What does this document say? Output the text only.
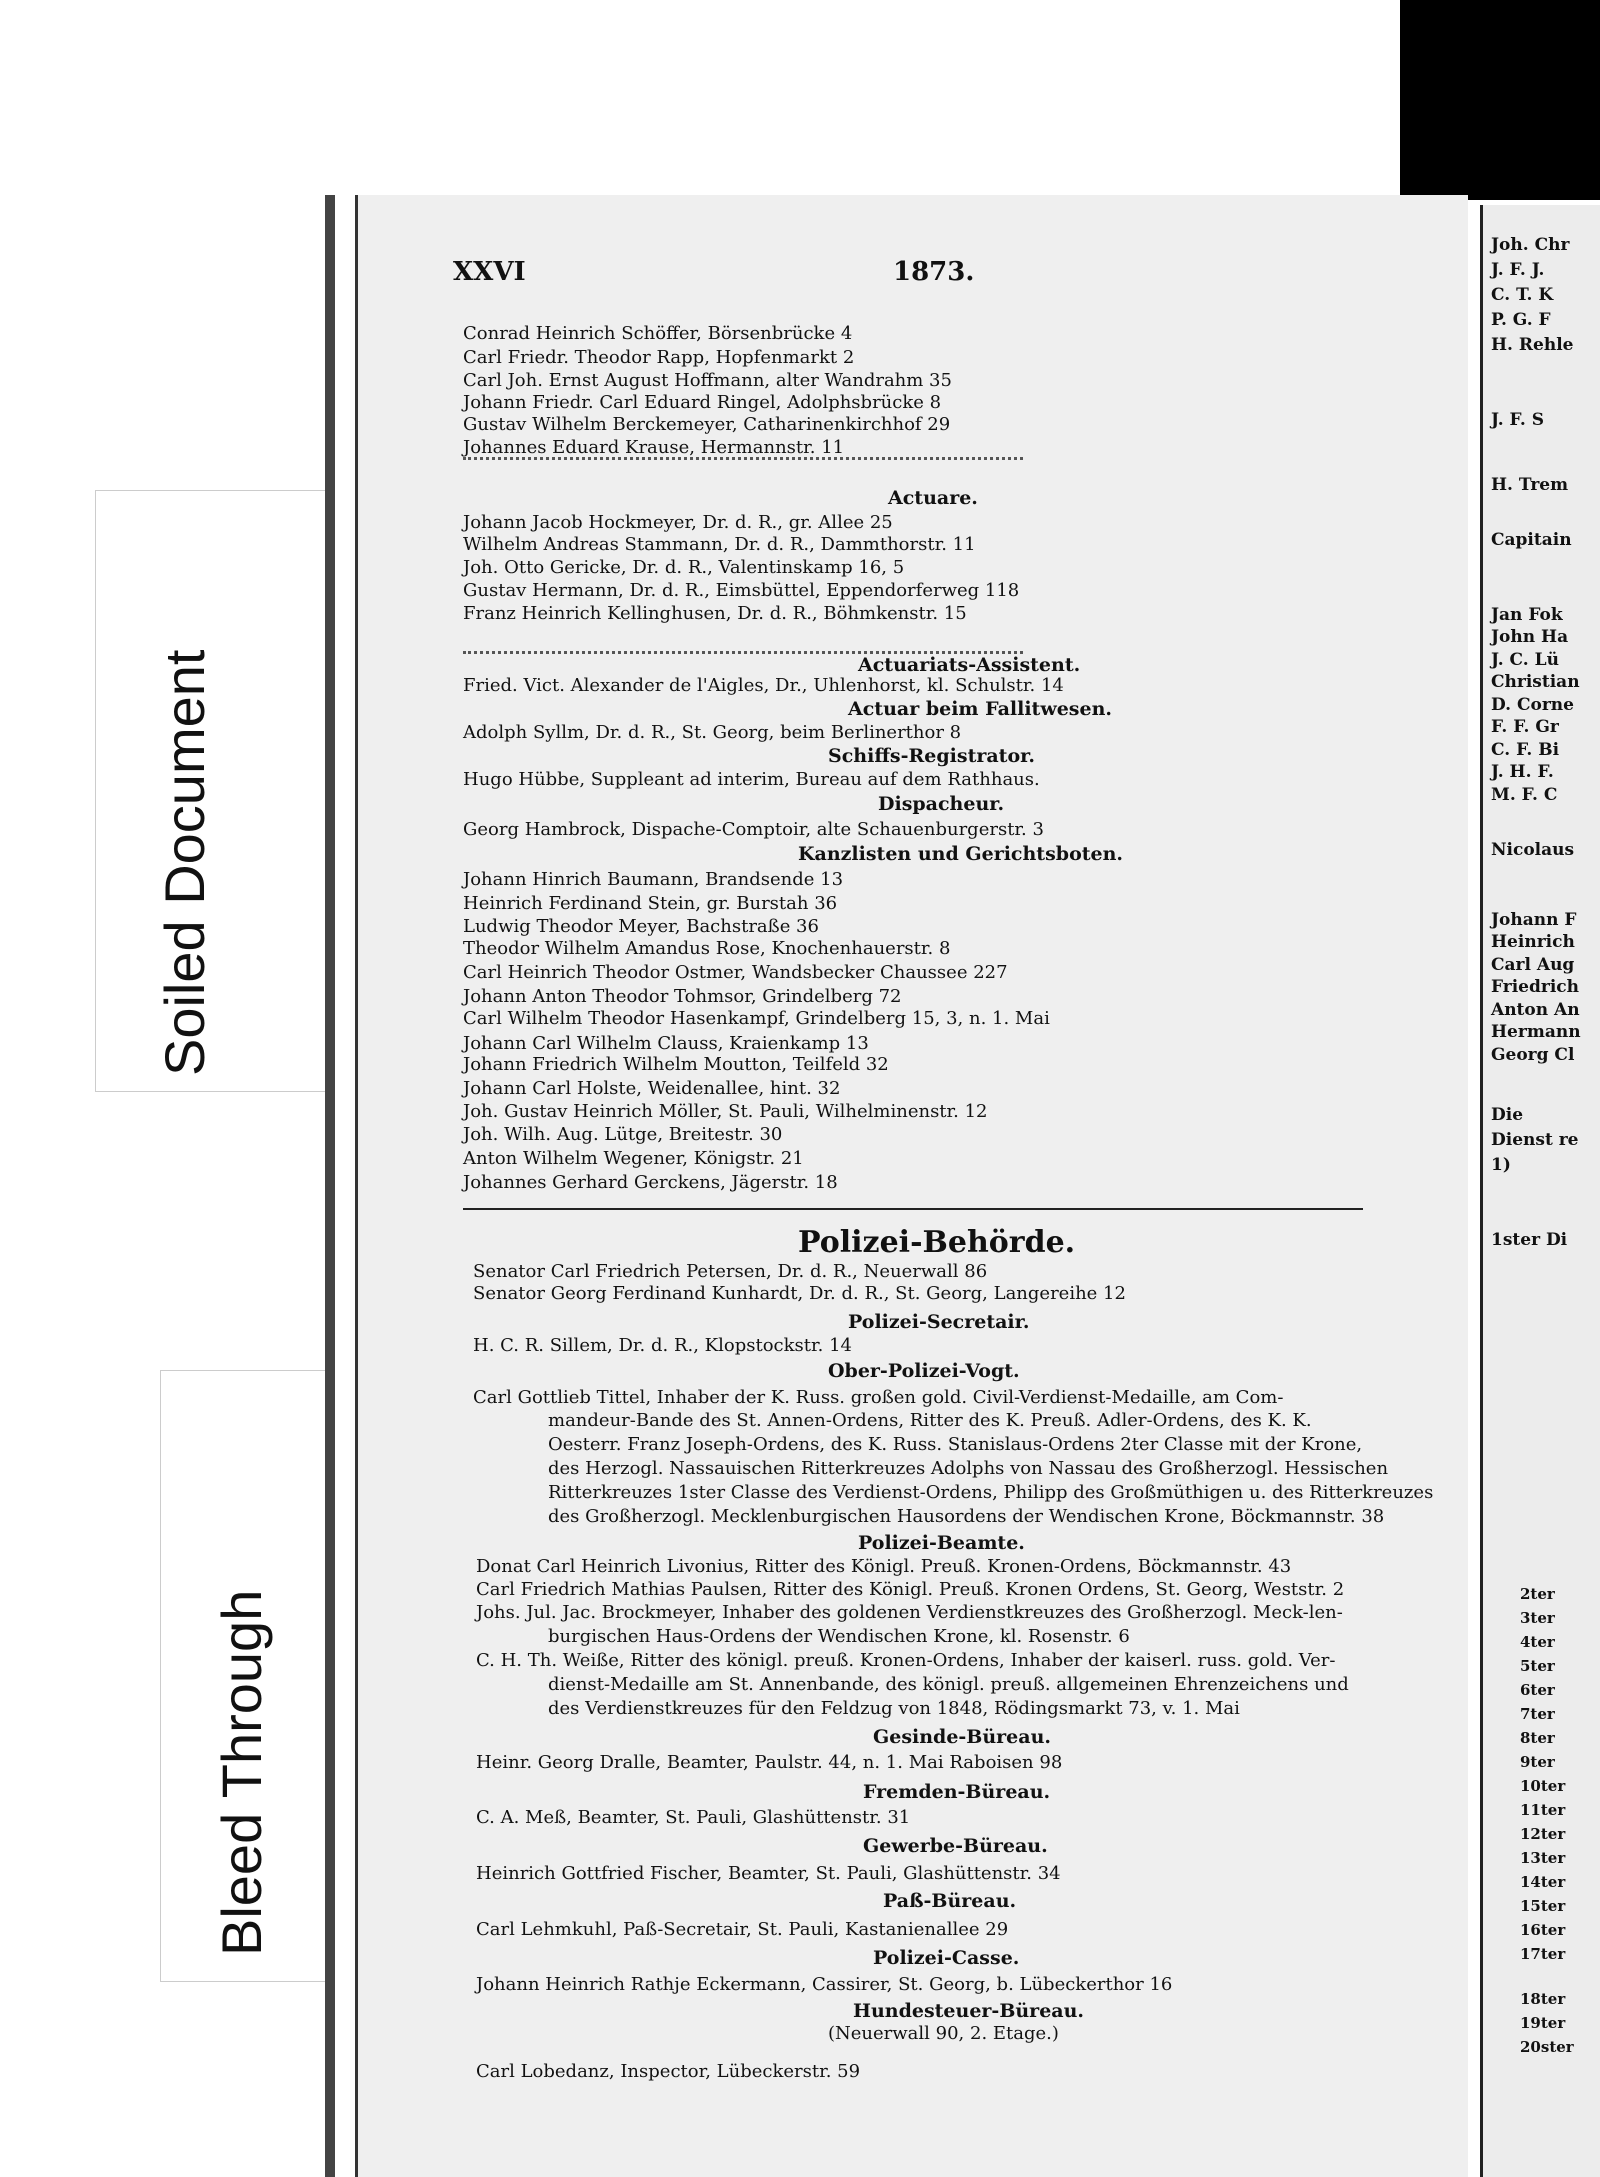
Soiled Document
Bleed Through
XXVI	1873.
Conrad Heinrich Schöffer, Börsenbrücke 4
Carl Friedr. Theodor Rapp, Hopfenmarkt 2
Carl Joh. Ernst August Hoffmann, alter Wandrahm 35
Johann Friedr. Carl Eduard Ringel, Adolphsbrücke 8
Gustav Wilhelm Berckemeyer, Catharinenkirchhof 29
Johannes Eduard Krause, Hermannstr. 11
Actuare.
Johann Jacob Hockmeyer, Dr. d. R., gr. Allee 25
Wilhelm Andreas Stammann, Dr. d. R., Dammthorstr. 11
Joh. Otto Gericke, Dr. d. R., Valentinskamp 16, 5
Gustav Hermann, Dr. d. R., Eimsbüttel, Eppendorferweg 118
Franz Heinrich Kellinghusen, Dr. d. R., Böhmkenstr. 15
Actuariats-Assistent.
Fried. Vict. Alexander de l'Aigles, Dr., Uhlenhorst, kl. Schulstr. 14
Actuar beim Fallitwesen.
Adolph Syllm, Dr. d. R., St. Georg, beim Berlinerthor 8
Schiffs-Registrator.
Hugo Hübbe, Suppleant ad interim, Bureau auf dem Rathhaus.
Dispacheur.
Georg Hambrock, Dispache-Comptoir, alte Schauenburgerstr. 3
Kanzlisten und Gerichtsboten.
Johann Hinrich Baumann, Brandsende 13
Heinrich Ferdinand Stein, gr. Burstah 36
Ludwig Theodor Meyer, Bachstraße 36
Theodor Wilhelm Amandus Rose, Knochenhauerstr. 8
Carl Heinrich Theodor Ostmer, Wandsbecker Chaussee 227
Johann Anton Theodor Tohmsor, Grindelberg 72
Carl Wilhelm Theodor Hasenkampf, Grindelberg 15, 3, n. 1. Mai
Johann Carl Wilhelm Clauss, Kraienkamp 13
Johann Friedrich Wilhelm Moutton, Teilfeld 32
Johann Carl Holste, Weidenallee, hint. 32
Joh. Gustav Heinrich Möller, St. Pauli, Wilhelminenstr. 12
Joh. Wilh. Aug. Lütge, Breitestr. 30
Anton Wilhelm Wegener, Königstr. 21
Johannes Gerhard Gerckens, Jägerstr. 18
Polizei-Behörde.
Senator Carl Friedrich Petersen, Dr. d. R., Neuerwall 86
Senator Georg Ferdinand Kunhardt, Dr. d. R., St. Georg, Langereihe 12
Polizei-Secretair.
H. C. R. Sillem, Dr. d. R., Klopstockstr. 14
Ober-Polizei-Vogt.
Carl Gottlieb Tittel, Inhaber der K. Russ. großen gold. Civil-Verdienst-Medaille, am Com-
mandeur-Bande des St. Annen-Ordens, Ritter des K. Preuß. Adler-Ordens, des K. K.
Oesterr. Franz Joseph-Ordens, des K. Russ. Stanislaus-Ordens 2ter Classe mit der Krone,
des Herzogl. Nassauischen Ritterkreuzes Adolphs von Nassau des Großherzogl. Hessischen
Ritterkreuzes 1ster Classe des Verdienst-Ordens, Philipp des Großmüthigen u. des Ritterkreuzes
des Großherzogl. Mecklenburgischen Hausordens der Wendischen Krone, Böckmannstr. 38
Polizei-Beamte.
Donat Carl Heinrich Livonius, Ritter des Königl. Preuß. Kronen-Ordens, Böckmannstr. 43
Carl Friedrich Mathias Paulsen, Ritter des Königl. Preuß. Kronen Ordens, St. Georg, Weststr. 2
Johs. Jul. Jac. Brockmeyer, Inhaber des goldenen Verdienstkreuzes des Großherzogl. Meck-len-
burgischen Haus-Ordens der Wendischen Krone, kl. Rosenstr. 6
C. H. Th. Weiße, Ritter des königl. preuß. Kronen-Ordens, Inhaber der kaiserl. russ. gold. Ver-
dienst-Medaille am St. Annenbande, des königl. preuß. allgemeinen Ehrenzeichens und
des Verdienstkreuzes für den Feldzug von 1848, Rödingsmarkt 73, v. 1. Mai
Gesinde-Büreau.
Heinr. Georg Dralle, Beamter, Paulstr. 44, n. 1. Mai Raboisen 98
Fremden-Büreau.
C. A. Meß, Beamter, St. Pauli, Glashüttenstr. 31
Gewerbe-Büreau.
Heinrich Gottfried Fischer, Beamter, St. Pauli, Glashüttenstr. 34
Paß-Büreau.
Carl Lehmkuhl, Paß-Secretair, St. Pauli, Kastanienallee 29
Polizei-Casse.
Johann Heinrich Rathje Eckermann, Cassirer, St. Georg, b. Lübeckerthor 16
Hundesteuer-Büreau.
(Neuerwall 90, 2. Etage.)
Carl Lobedanz, Inspector, Lübeckerstr. 59
Joh. Chr
J. F. J.
C. T. K
P. G. F
H. Rehle
J. F. S
H. Trem
Capitain
Jan Fok
John Ha
J. C. Lü
Christian
D. Corne
F. F. Gr
C. F. Bi
J. H. F.
M. F. C
Nicolaus
Johann F
Heinrich
Carl Aug
Friedrich
Anton An
Hermann
Georg Cl
Die
Dienst re
1)
1ster Di
2ter
3ter
4ter
5ter
6ter
7ter
8ter
9ter
10ter
11ter
12ter
13ter
14ter
15ter
16ter
17ter
18ter
19ter
20ster
